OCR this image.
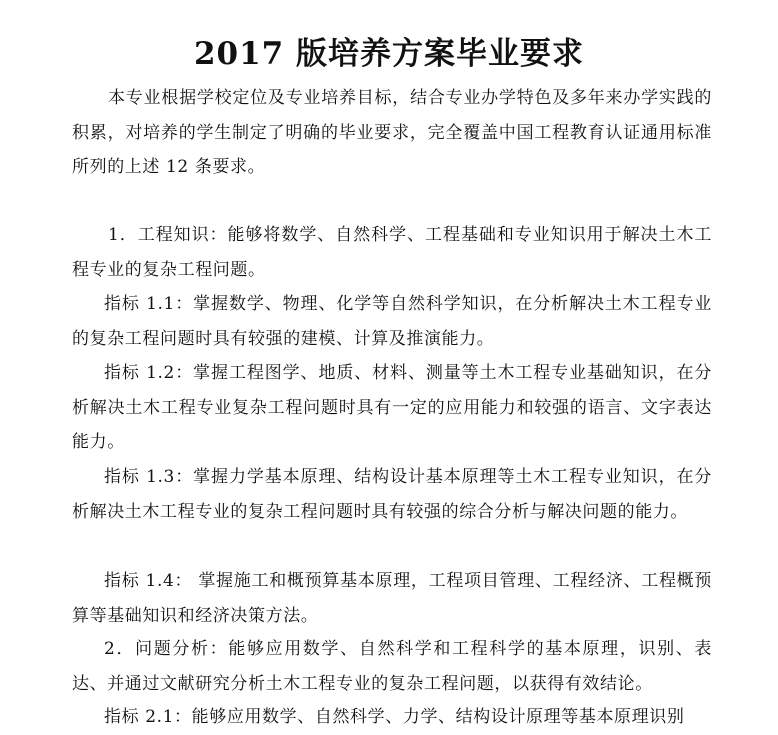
2017 版培养方案毕业要求

本专业根据学校定位及专业培养目标，结合专业办学特色及多年来办学实践的积累，对培养的学生制定了明确的毕业要求，完全覆盖中国工程教育认证通用标准所列的上述 12 条要求。

1．工程知识：能够将数学、自然科学、工程基础和专业知识用于解决土木工程专业的复杂工程问题。

指标 1.1：掌握数学、物理、化学等自然科学知识，在分析解决土木工程专业的复杂工程问题时具有较强的建模、计算及推演能力。

指标 1.2：掌握工程图学、地质、材料、测量等土木工程专业基础知识，在分析解决土木工程专业复杂工程问题时具有一定的应用能力和较强的语言、文字表达能力。

指标 1.3：掌握力学基本原理、结构设计基本原理等土木工程专业知识，在分析解决土木工程专业的复杂工程问题时具有较强的综合分析与解决问题的能力。

指标 1.4： 掌握施工和概预算基本原理，工程项目管理、工程经济、工程概预算等基础知识和经济决策方法。

2．问题分析：能够应用数学、自然科学和工程科学的基本原理，识别、表达、并通过文献研究分析土木工程专业的复杂工程问题，以获得有效结论。

指标 2.1：能够应用数学、自然科学、力学、结构设计原理等基本原理识别
